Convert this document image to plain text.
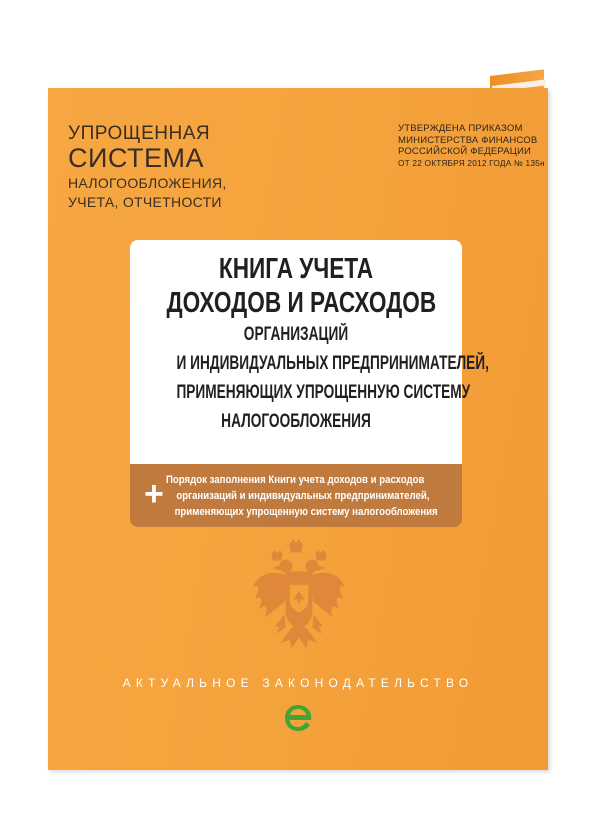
УПРОЩЕННАЯ
СИСТЕМА
НАЛОГООБЛОЖЕНИЯ,
УЧЕТА, ОТЧЕТНОСТИ
УТВЕРЖДЕНА ПРИКАЗОМ
МИНИСТЕРСТВА ФИНАНСОВ
РОССИЙСКОЙ ФЕДЕРАЦИИ
ОТ 22 ОКТЯБРЯ 2012 ГОДА № 135н
КНИГА УЧЕТА
ДОХОДОВ И РАСХОДОВ
ОРГАНИЗАЦИЙ
И ИНДИВИДУАЛЬНЫХ ПРЕДПРИНИМАТЕЛЕЙ,
ПРИМЕНЯЮЩИХ УПРОЩЕННУЮ СИСТЕМУ
НАЛОГООБЛОЖЕНИЯ
+ Порядок заполнения Книги учета доходов и расходов
организаций и индивидуальных предпринимателей,
применяющих упрощенную систему налогообложения
АКТУАЛЬНОЕ ЗАКОНОДАТЕЛЬСТВО
